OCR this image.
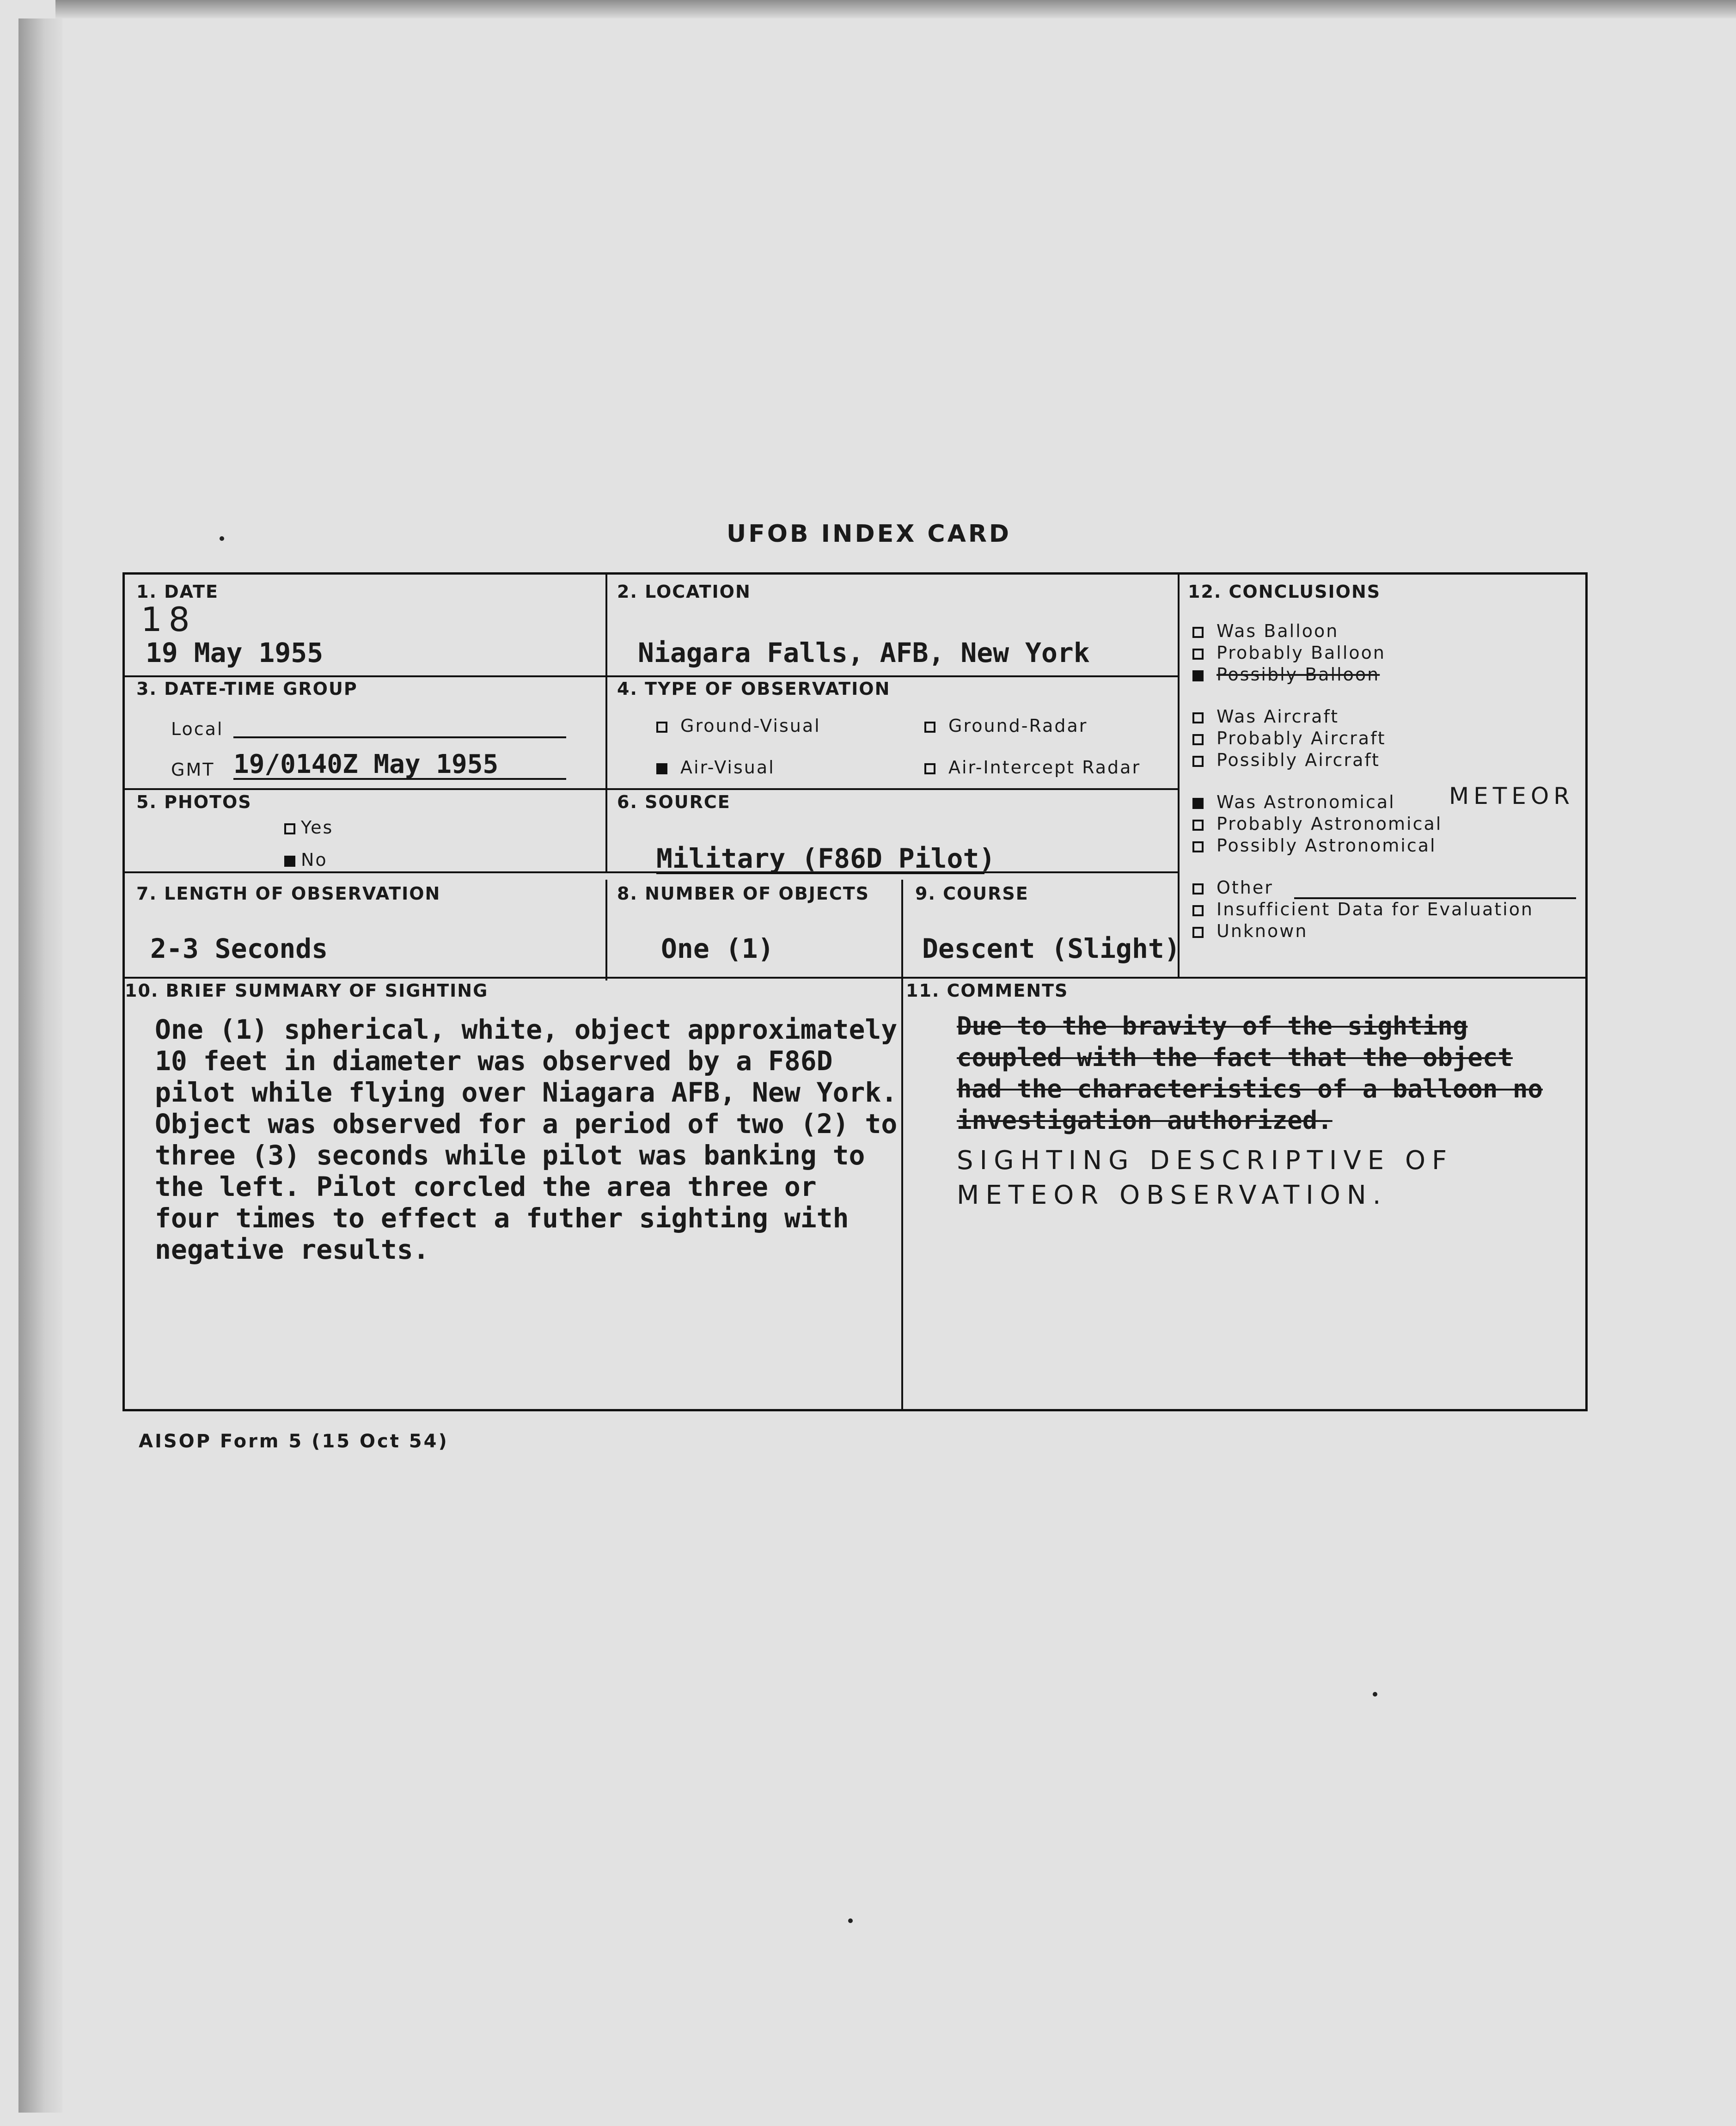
UFOB INDEX CARD
1. DATE
18
19 May 1955
2. LOCATION
Niagara Falls, AFB, New York
3. DATE-TIME GROUP
Local
GMT 19/0140Z May 1955
4. TYPE OF OBSERVATION
Ground-Visual	Ground-Radar
Air-Visual	Air-Intercept Radar
5. PHOTOS
Yes
No
6. SOURCE
Military (F86D Pilot)
7. LENGTH OF OBSERVATION
2-3 Seconds
8. NUMBER OF OBJECTS
One (1)
9. COURSE
Descent (Slight)
10. BRIEF SUMMARY OF SIGHTING
One (1) spherical, white, object approximately
10 feet in diameter was observed by a F86D
pilot while flying over Niagara AFB, New York.
Object was observed for a period of two (2) to
three (3) seconds while pilot was banking to
the left. Pilot corcled the area three or
four times to effect a futher sighting with
negative results.
11. COMMENTS
Due to the bravity of the sighting
coupled with the fact that the object
had the characteristics of a balloon no
investigation authorized.
SIGHTING DESCRIPTIVE OF
METEOR OBSERVATION.
12. CONCLUSIONS
Was Balloon
Probably Balloon
Possibly Balloon
Was Aircraft
Probably Aircraft
Possibly Aircraft
Was Astronomical METEOR
Probably Astronomical
Possibly Astronomical
Other
Insufficient Data for Evaluation
Unknown
AISOP Form 5 (15 Oct 54)
